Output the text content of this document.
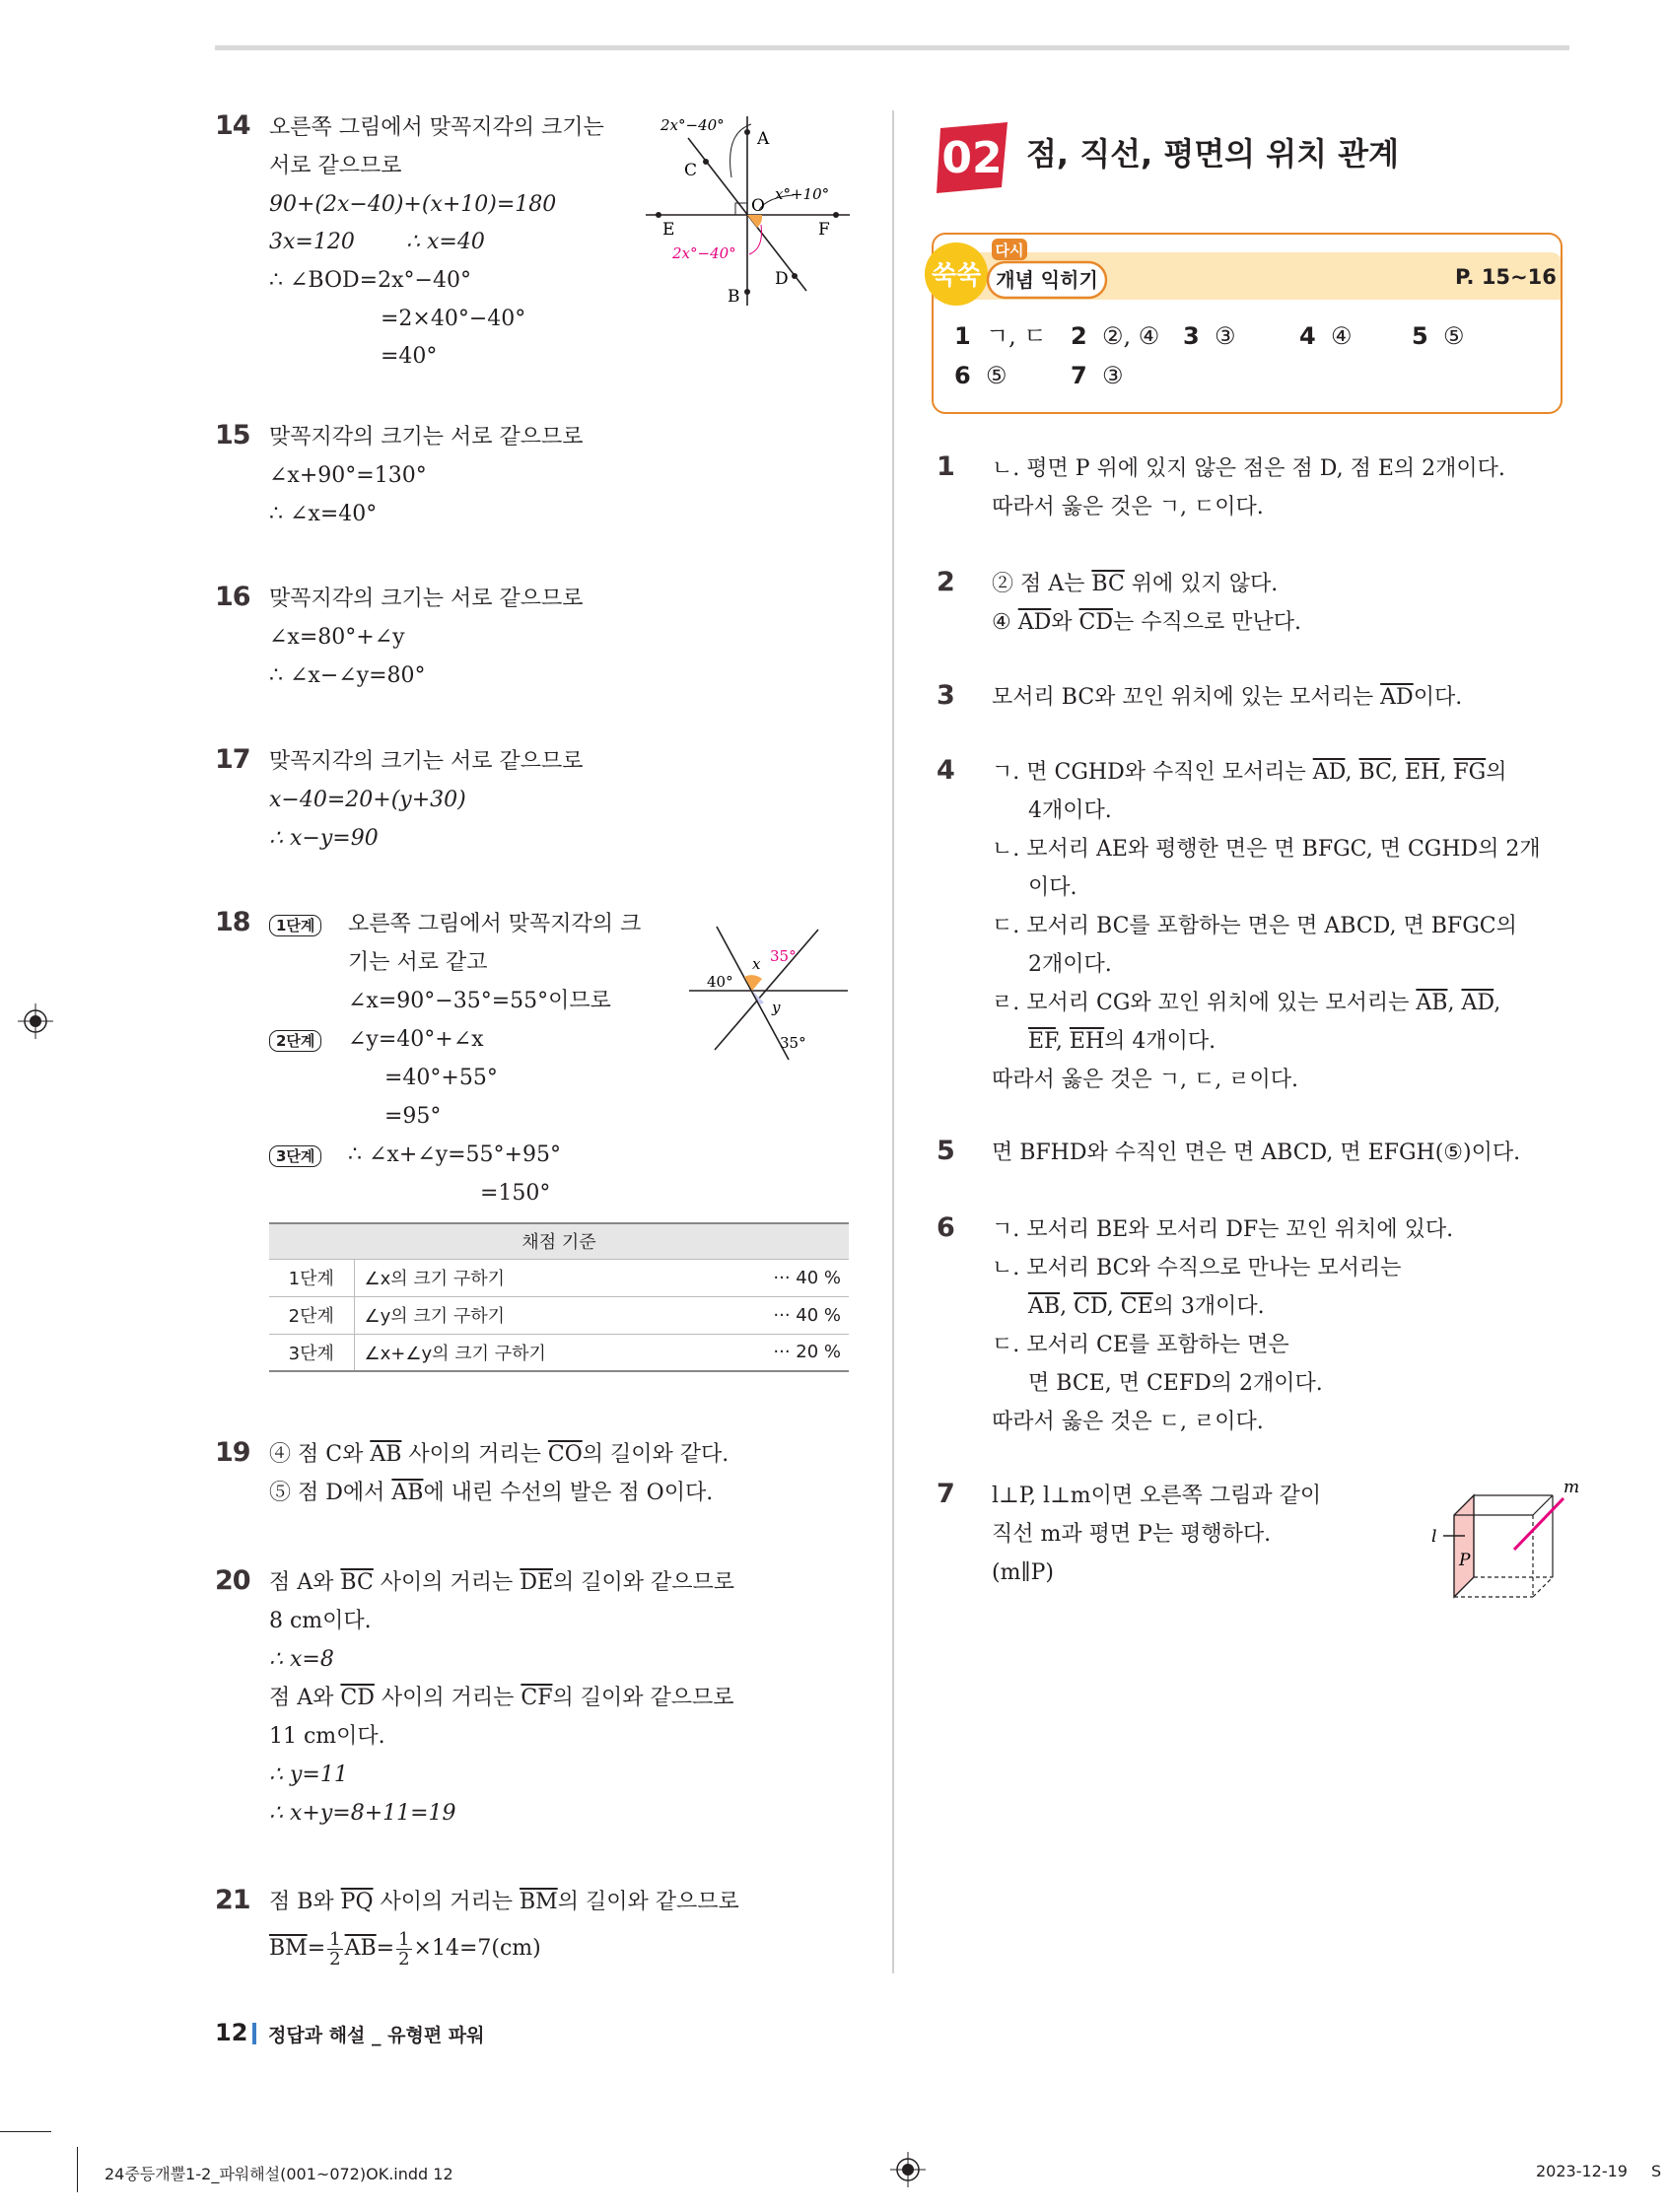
14 오른쪽 그림에서 맞꼭지각의 크기는
서로 같으므로
90+(2x−40)+(x+10)=180
3x=120 ∴ x=40
∴ ∠BOD=2x°−40°
=2×40°−40°
=40°
A
B
C
D
E	F
O
2x°−40°
x°+10°
2x°−40°
15 맞꼭지각의 크기는 서로 같으므로
∠x+90°=130°
∴ ∠x=40°
16 맞꼭지각의 크기는 서로 같으므로
∠x=80°+∠y
∴ ∠x−∠y=80°
17 맞꼭지각의 크기는 서로 같으므로
x−40=20+(y+30)
∴ x−y=90
18	1단계	오른쪽 그림에서 맞꼭지각의 크
기는 서로 같고
∠x=90°−35°=55°이므로
2단계	∠y=40°+∠x
=40°+55°
=95°
3단계	∴ ∠x+∠y=55°+95°
=150°
40°
x 35°
y
35°
채점 기준		
1단계	∠x의 크기 구하기	··· 40 %
2단계	∠y의 크기 구하기	··· 40 %
3단계	∠x+∠y의 크기 구하기	··· 20 %
19 ④ 점 C와 $\overline{AB}$ 사이의 거리는 $\overline{CO}$의 길이와 같다.
⑤ 점 D에서 $\overline{AB}$에 내린 수선의 발은 점 O이다.
20 점 A와 $\overline{BC}$ 사이의 거리는 $\overline{DE}$의 길이와 같으므로
8 cm이다.
∴ x=8
점 A와 $\overline{CD}$ 사이의 거리는 $\overline{CF}$의 길이와 같으므로
11 cm이다.
∴ y=11
∴ x+y=8+11=19
21 점 B와 $\overline{PQ}$ 사이의 거리는 $\overline{BM}$의 길이와 같으므로
$\overline{BM}= \frac{1}{2} \overline{AB}= \frac{1}{2} \times 14=7(cm)$
02 점, 직선, 평면의 위치 관계
쑥쑥
다시
개념 익히기	P. 15∼16
1 ㄱ, ㄷ 2 ②, ④ 3 ③	4 ④	5 ⑤
6 ⑤	7 ③
1 ㄴ. 평면 P 위에 있지 않은 점은 점 D, 점 E의 2개이다.
따라서 옳은 것은 ㄱ, ㄷ이다.
2 ② 점 A는 $\overline{BC}$ 위에 있지 않다.
④ $\overline{AD}$와 $\overline{CD}$는 수직으로 만난다.
3 모서리 BC와 꼬인 위치에 있는 모서리는 $\overline{AD}$이다.
4 ㄱ. 면 CGHD와 수직인 모서리는 $\overline{AD}$, $\overline{BC}$, $\overline{EH}$, $\overline{FG}$의
4개이다.
ㄴ. 모서리 AE와 평행한 면은 면 BFGC, 면 CGHD의 2개
이다.
ㄷ. 모서리 BC를 포함하는 면은 면 ABCD, 면 BFGC의
2개이다.
ㄹ. 모서리 CG와 꼬인 위치에 있는 모서리는 $\overline{AB}$, $\overline{AD}$,
$\overline{EF}$, $\overline{EH}$의 4개이다.
따라서 옳은 것은 ㄱ, ㄷ, ㄹ이다.
5 면 BFHD와 수직인 면은 면 ABCD, 면 EFGH(⑤)이다.
6 ㄱ. 모서리 BE와 모서리 DF는 꼬인 위치에 있다.
ㄴ. 모서리 BC와 수직으로 만나는 모서리는
$\overline{AB}$, $\overline{CD}$, $\overline{CE}$의 3개이다.
ㄷ. 모서리 CE를 포함하는 면은
면 BCE, 면 CEFD의 2개이다.
따라서 옳은 것은 ㄷ, ㄹ이다.
7 l⊥P, l⊥m이면 오른쪽 그림과 같이
직선 m과 평면 P는 평행하다.
(m∥P)
m
l
P
12 정답과 해설 _ 유형편 파워
24중등개뿔1-2_파워해설(001~072)OK.indd 12	2023-12-19 S
